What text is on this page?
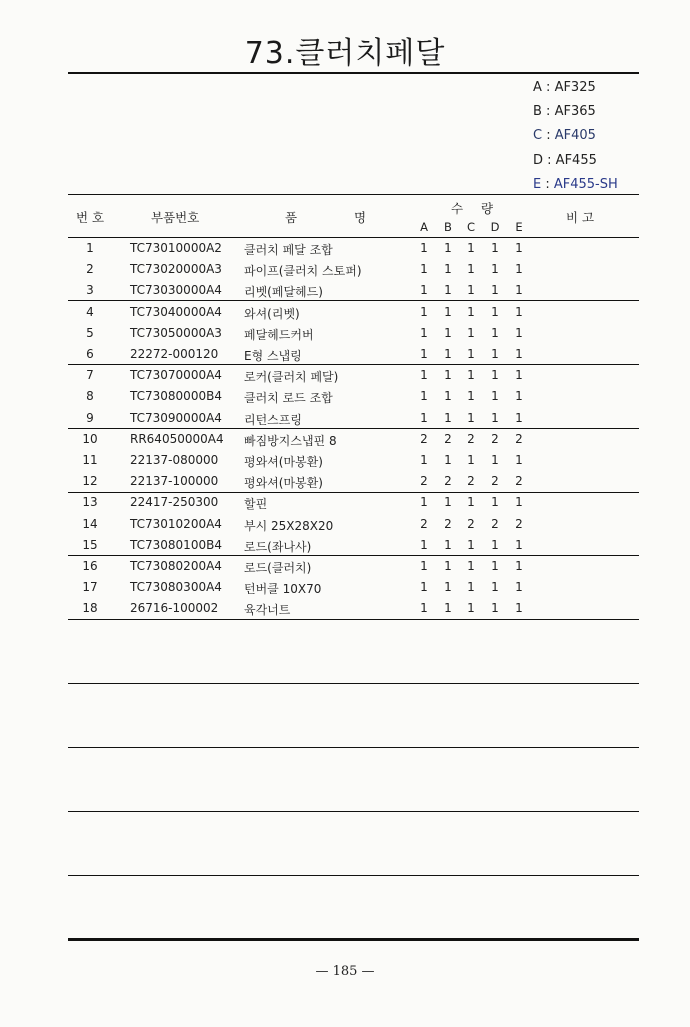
73.클러치페달
A : AF325
B : AF365
C : AF405
D : AF455
E : AF455-SH
번 호	부품번호	품	명
수 량
비 고
A B C D E
1	TC73010000A2 클러치 페달 조합	1 1 1 1 1
2	TC73020000A3 파이프(클러치 스토퍼)	1 1 1 1 1
3	TC73030000A4 리벳(페달헤드)	1 1 1 1 1
4	TC73040000A4 와셔(리벳)	1 1 1 1 1
5	TC73050000A3 페달헤드커버	1 1 1 1 1
6	22272-000120 E형 스냅링	1 1 1 1 1
7	TC73070000A4 로커(클러치 페달)	1 1 1 1 1
8	TC73080000B4 클러치 로드 조합	1 1 1 1 1
9	TC73090000A4 리턴스프링	1 1 1 1 1
10	RR64050000A4 빠짐방지스냅핀 8	2 2 2 2 2
11	22137-080000 평와셔(마봉환)	1 1 1 1 1
12	22137-100000 평와셔(마봉환)	2 2 2 2 2
13	22417-250300 할핀	1 1 1 1 1
14	TC73010200A4 부시 25X28X20	2 2 2 2 2
15	TC73080100B4 로드(좌나사)	1 1 1 1 1
16	TC73080200A4 로드(클러치)	1 1 1 1 1
17	TC73080300A4 턴버클 10X70	1 1 1 1 1
18	26716-100002 육각너트	1 1 1 1 1
— 185 —
